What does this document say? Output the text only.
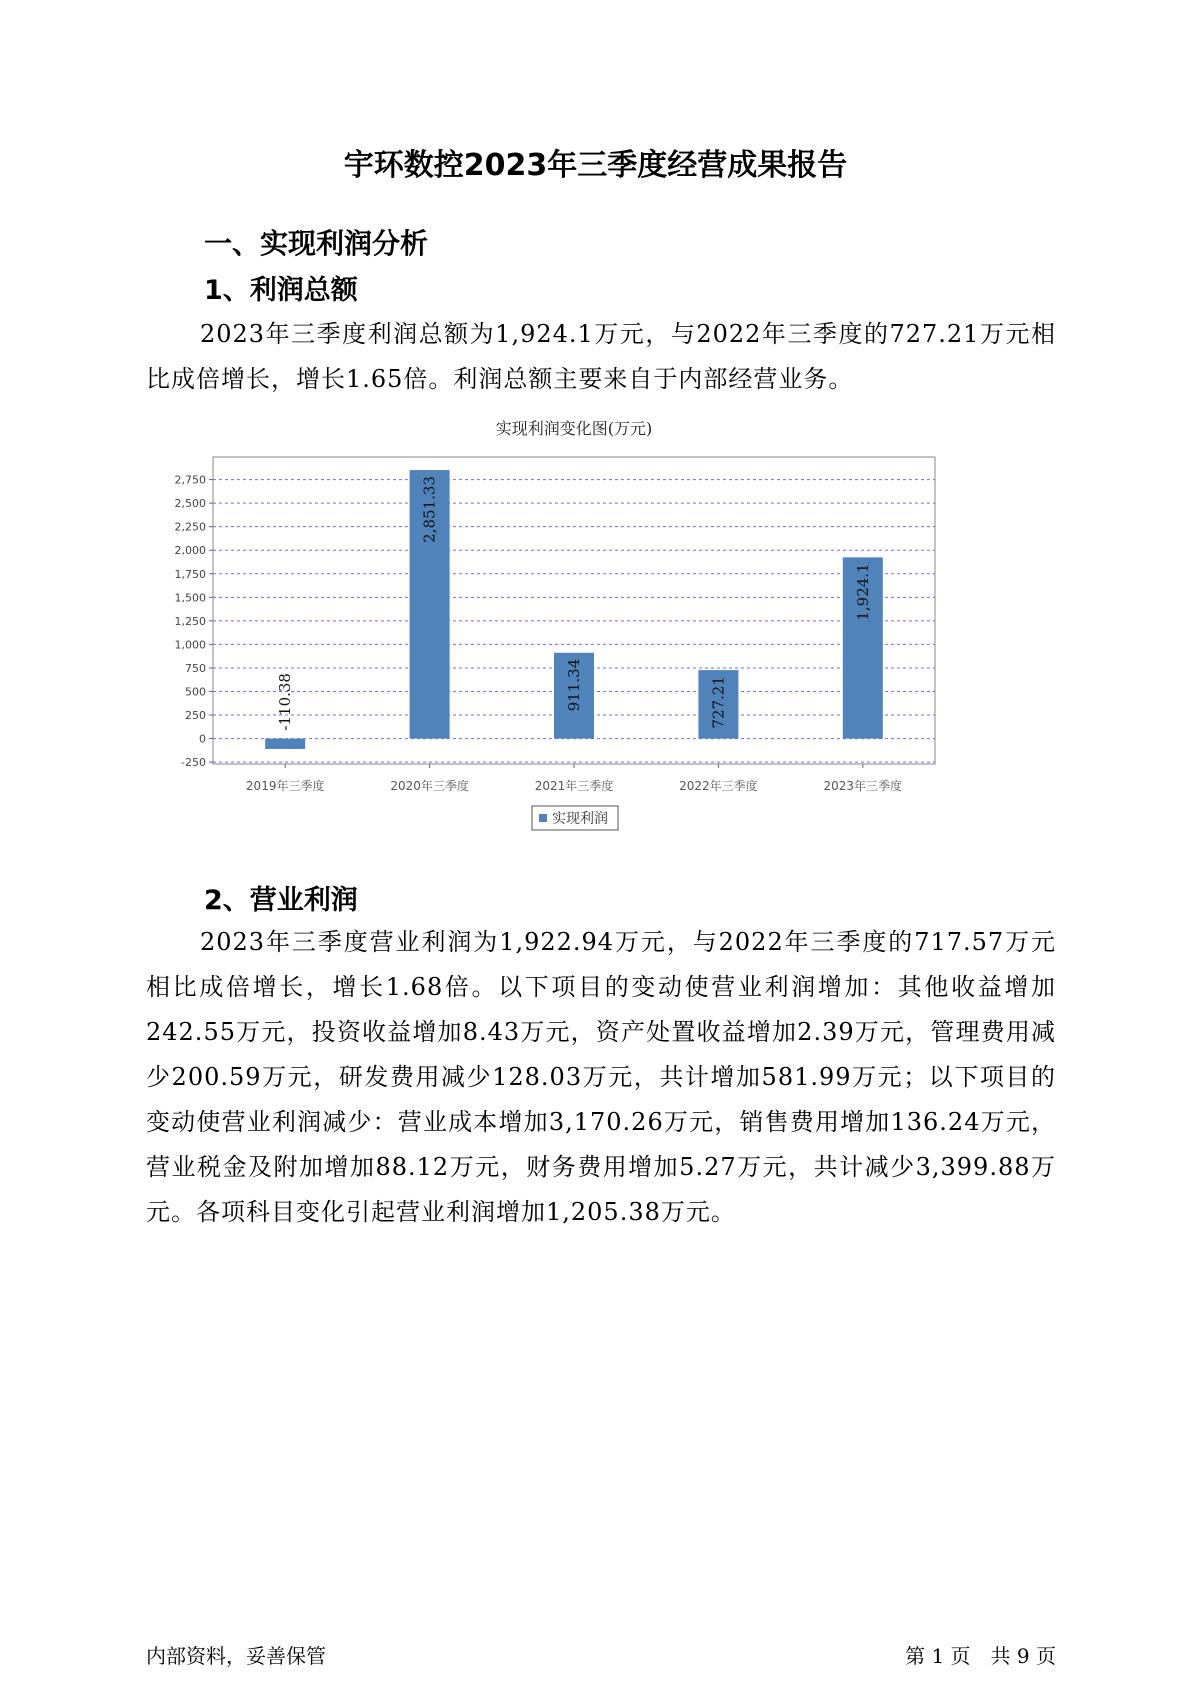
宇环数控2023年三季度经营成果报告
一、实现利润分析
1、利润总额
2023年三季度利润总额为1,924.1万元，与2022年三季度的727.21万元相比成倍增长，增长1.65倍。利润总额主要来自于内部经营业务。
实现利润变化图(万元)
-250
0
250
500
750
1,000
1,250
1,500
1,750
2,000
2,250
2,500
2,750
2019年三季度
-110.38
2020年三季度
2,851.33
2021年三季度
911.34
2022年三季度
727.21
2023年三季度
1,924.1
实现利润
2、营业利润
2023年三季度营业利润为1,922.94万元，与2022年三季度的717.57万元相比成倍增长，增长1.68倍。以下项目的变动使营业利润增加：其他收益增加242.55万元，投资收益增加8.43万元，资产处置收益增加2.39万元，管理费用减少200.59万元，研发费用减少128.03万元，共计增加581.99万元；以下项目的变动使营业利润减少：营业成本增加3,170.26万元，销售费用增加136.24万元，营业税金及附加增加88.12万元，财务费用增加5.27万元，共计减少3,399.88万元。各项科目变化引起营业利润增加1,205.38万元。
内部资料，妥善保管	第 1 页　共 9 页
